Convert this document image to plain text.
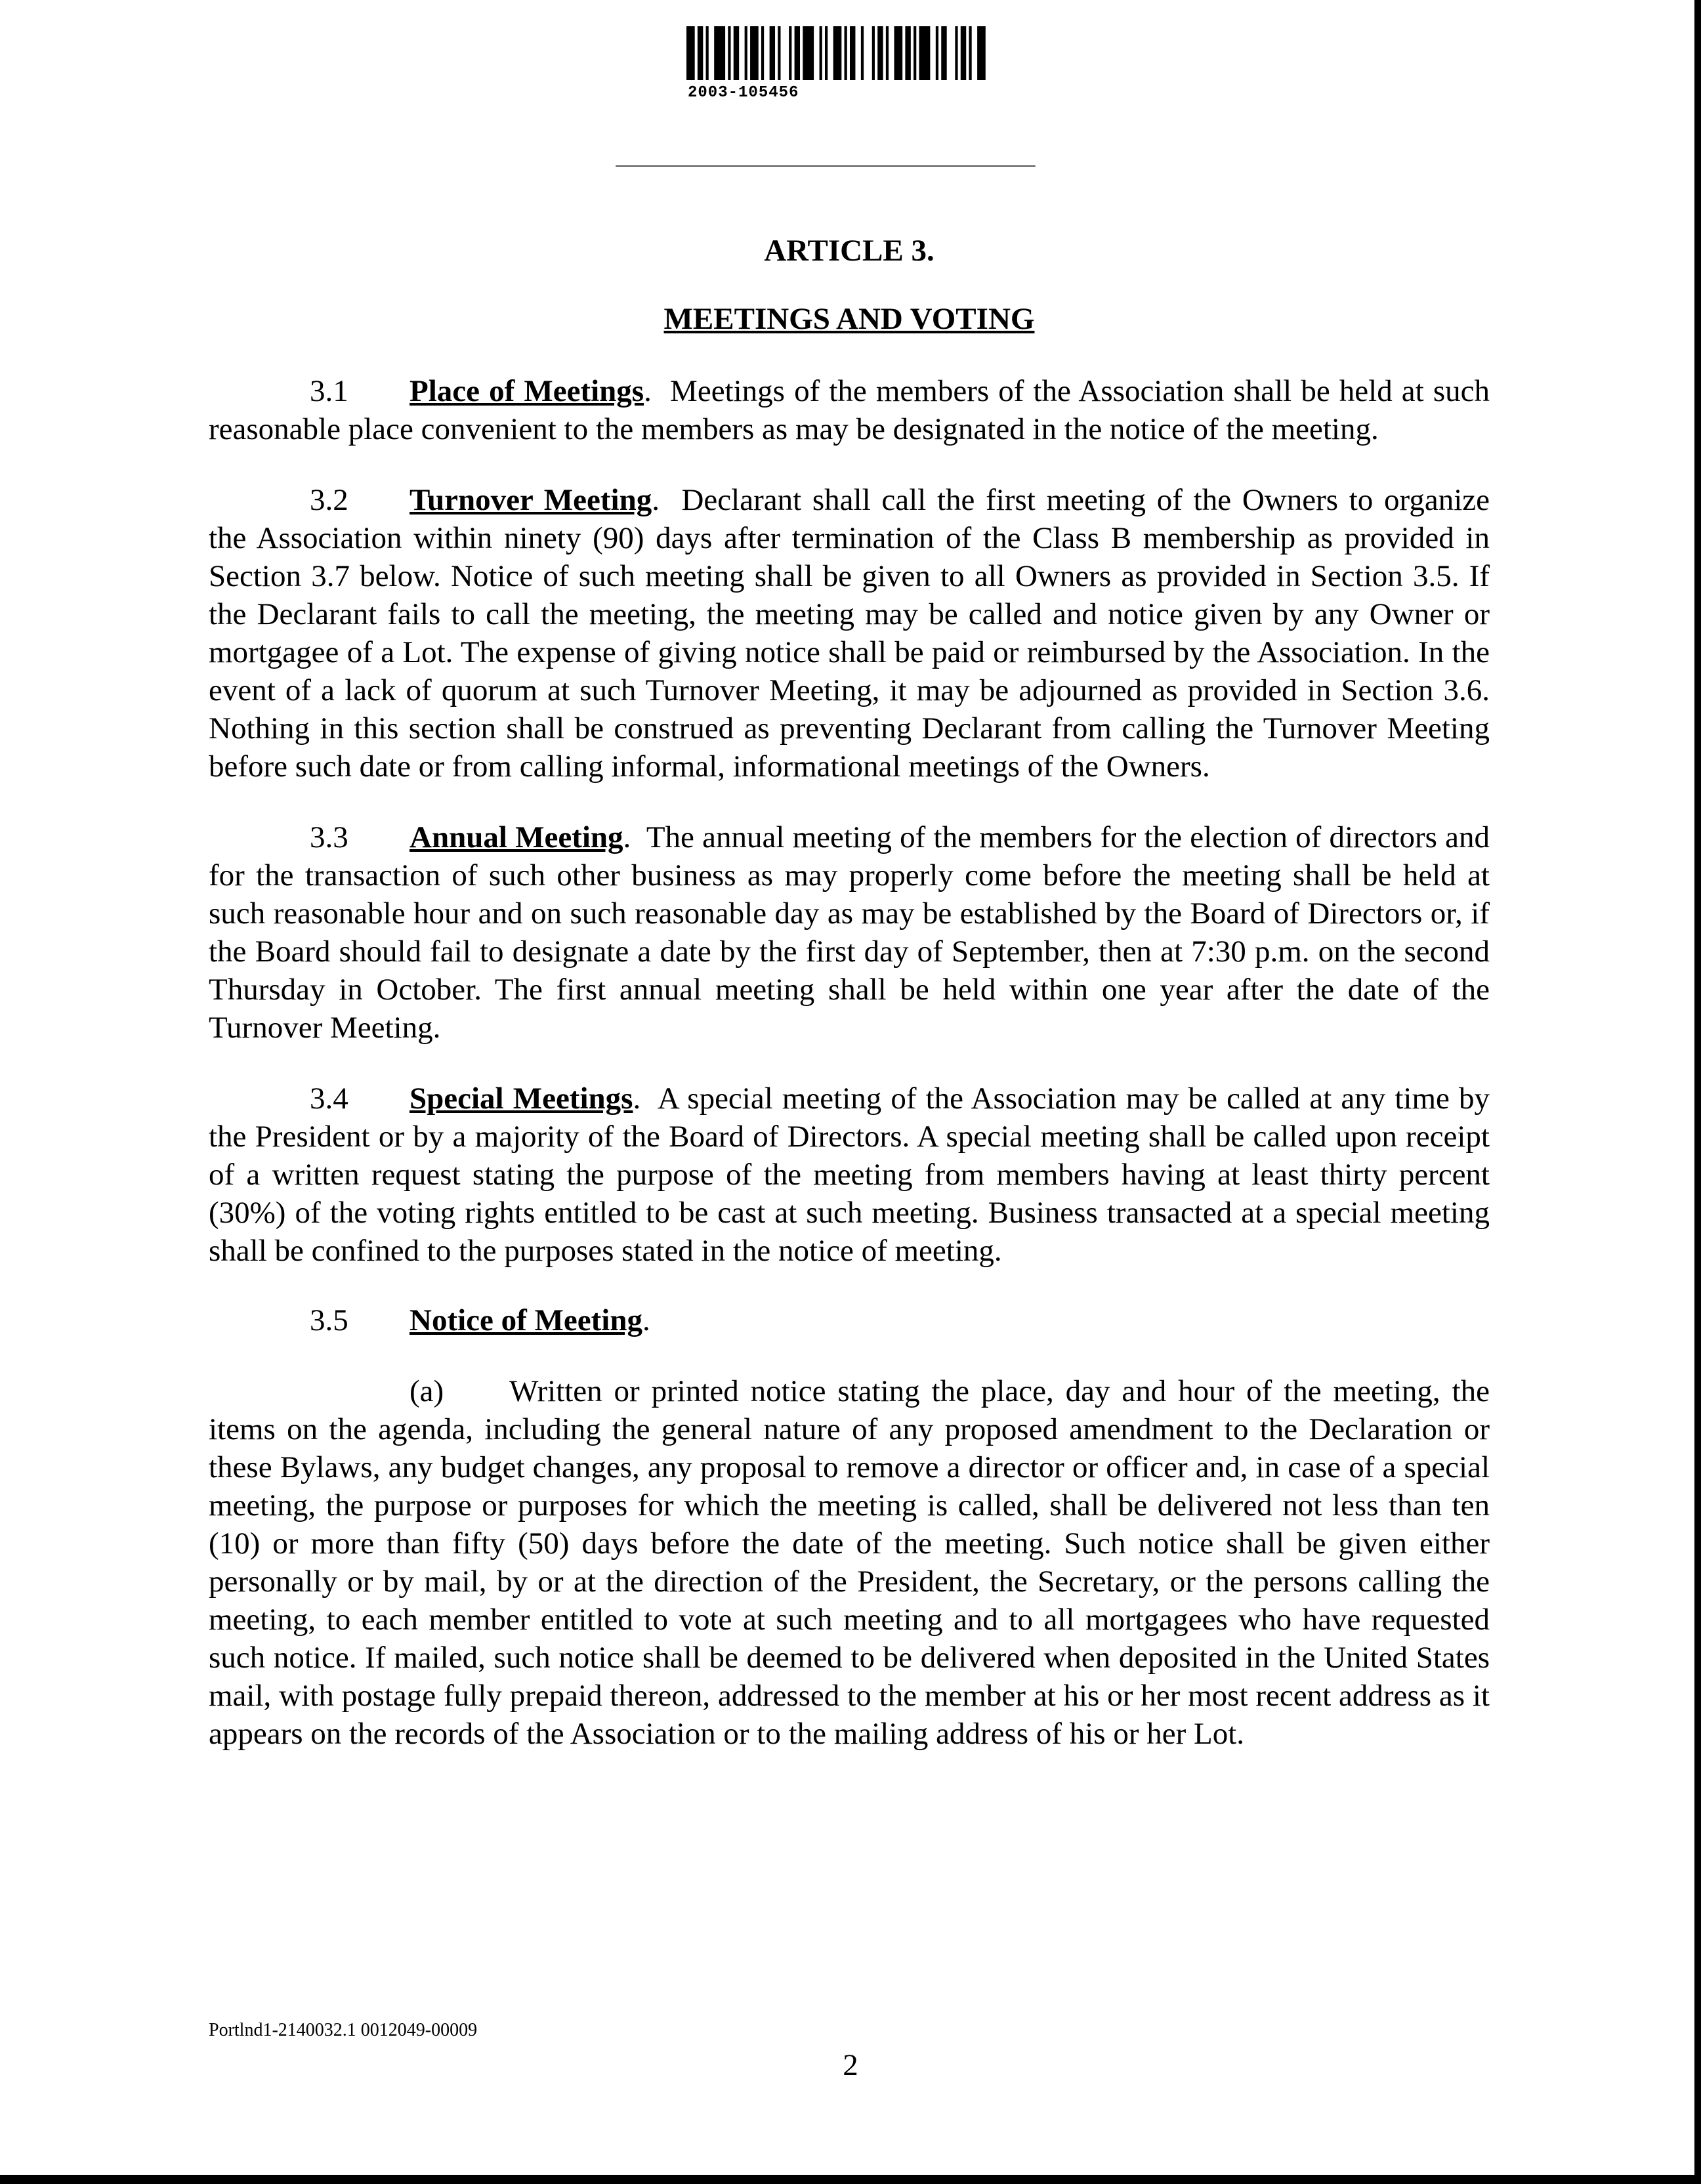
2003-105456
ARTICLE 3.
MEETINGS AND VOTING

3.1 Place of Meetings.  Meetings of the members of the Association shall be held at such reasonable place convenient to the members as may be designated in the notice of the meeting.

3.2 Turnover Meeting.  Declarant shall call the first meeting of the Owners to organize the Association within ninety (90) days after termination of the Class B membership as provided in Section 3.7 below. Notice of such meeting shall be given to all Owners as provided in Section 3.5. If the Declarant fails to call the meeting, the meeting may be called and notice given by any Owner or mortgagee of a Lot. The expense of giving notice shall be paid or reimbursed by the Association. In the event of a lack of quorum at such Turnover Meeting, it may be adjourned as provided in Section 3.6. Nothing in this section shall be construed as preventing Declarant from calling the Turnover Meeting before such date or from calling informal, informational meetings of the Owners.

3.3 Annual Meeting.  The annual meeting of the members for the election of directors and for the transaction of such other business as may properly come before the meeting shall be held at such reasonable hour and on such reasonable day as may be established by the Board of Directors or, if the Board should fail to designate a date by the first day of September, then at 7:30 p.m. on the second Thursday in October. The first annual meeting shall be held within one year after the date of the Turnover Meeting.

3.4 Special Meetings.  A special meeting of the Association may be called at any time by the President or by a majority of the Board of Directors. A special meeting shall be called upon receipt of a written request stating the purpose of the meeting from members having at least thirty percent (30%) of the voting rights entitled to be cast at such meeting. Business transacted at a special meeting shall be confined to the purposes stated in the notice of meeting.

3.5 Notice of Meeting.

(a) Written or printed notice stating the place, day and hour of the meeting, the items on the agenda, including the general nature of any proposed amendment to the Declaration or these Bylaws, any budget changes, any proposal to remove a director or officer and, in case of a special meeting, the purpose or purposes for which the meeting is called, shall be delivered not less than ten (10) or more than fifty (50) days before the date of the meeting. Such notice shall be given either personally or by mail, by or at the direction of the President, the Secretary, or the persons calling the meeting, to each member entitled to vote at such meeting and to all mortgagees who have requested such notice. If mailed, such notice shall be deemed to be delivered when deposited in the United States mail, with postage fully prepaid thereon, addressed to the member at his or her most recent address as it appears on the records of the Association or to the mailing address of his or her Lot.

Portlnd1-2140032.1 0012049-00009
2
